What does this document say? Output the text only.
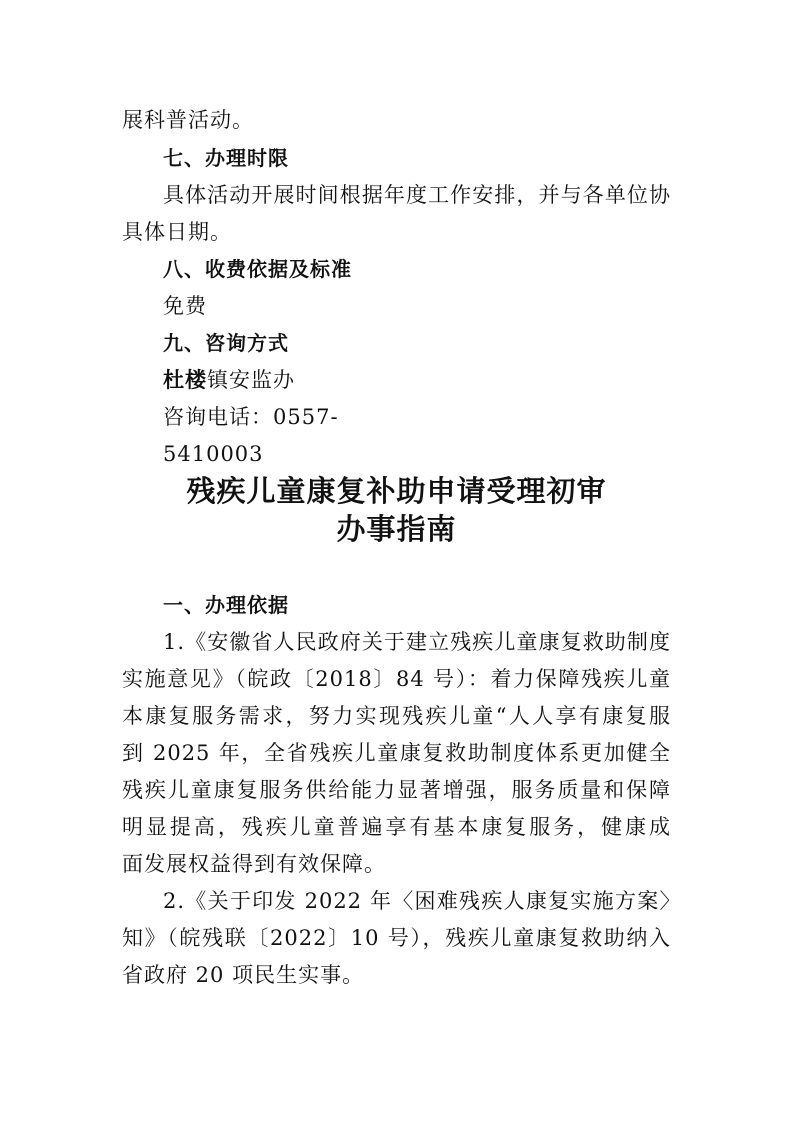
展科普活动。
七、办理时限
具体活动开展时间根据年度工作安排，并与各单位协
具体日期。
八、收费依据及标准
免费
九、咨询方式
杜楼镇安监办
咨询电话：0557-
5410003
残疾儿童康复补助申请受理初审
办事指南
一、办理依据
1.《安徽省人民政府关于建立残疾儿童康复救助制度
实施意见》（皖政〔2018〕84 号）：着力保障残疾儿童
本康复服务需求，努力实现残疾儿童“人人享有康复服
到 2025 年，全省残疾儿童康复救助制度体系更加健全
残疾儿童康复服务供给能力显著增强，服务质量和保障
明显提高，残疾儿童普遍享有基本康复服务，健康成
面发展权益得到有效保障。
2.《关于印发 2022 年〈困难残疾人康复实施方案〉
知》（皖残联〔2022〕10 号），残疾儿童康复救助纳入
省政府 20 项民生实事。
